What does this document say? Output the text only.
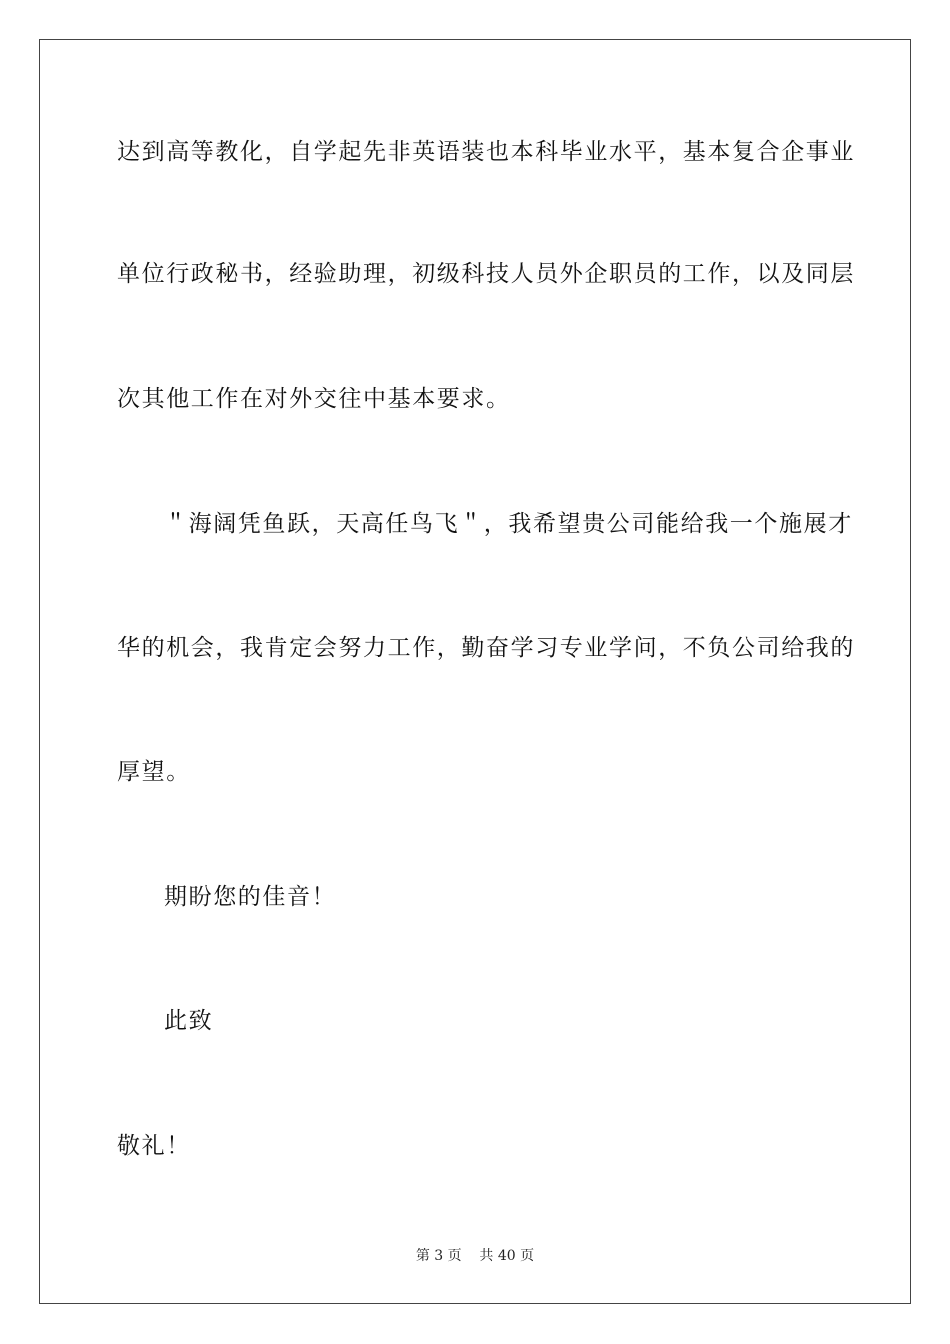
达到高等教化，自学起先非英语装也本科毕业水平，基本复合企事业
单位行政秘书，经验助理，初级科技人员外企职员的工作，以及同层
次其他工作在对外交往中基本要求。
＂海阔凭鱼跃，天高任鸟飞＂，我希望贵公司能给我一个施展才
华的机会，我肯定会努力工作，勤奋学习专业学问，不负公司给我的
厚望。
期盼您的佳音！
此致
敬礼！
第 3 页    共 40 页
